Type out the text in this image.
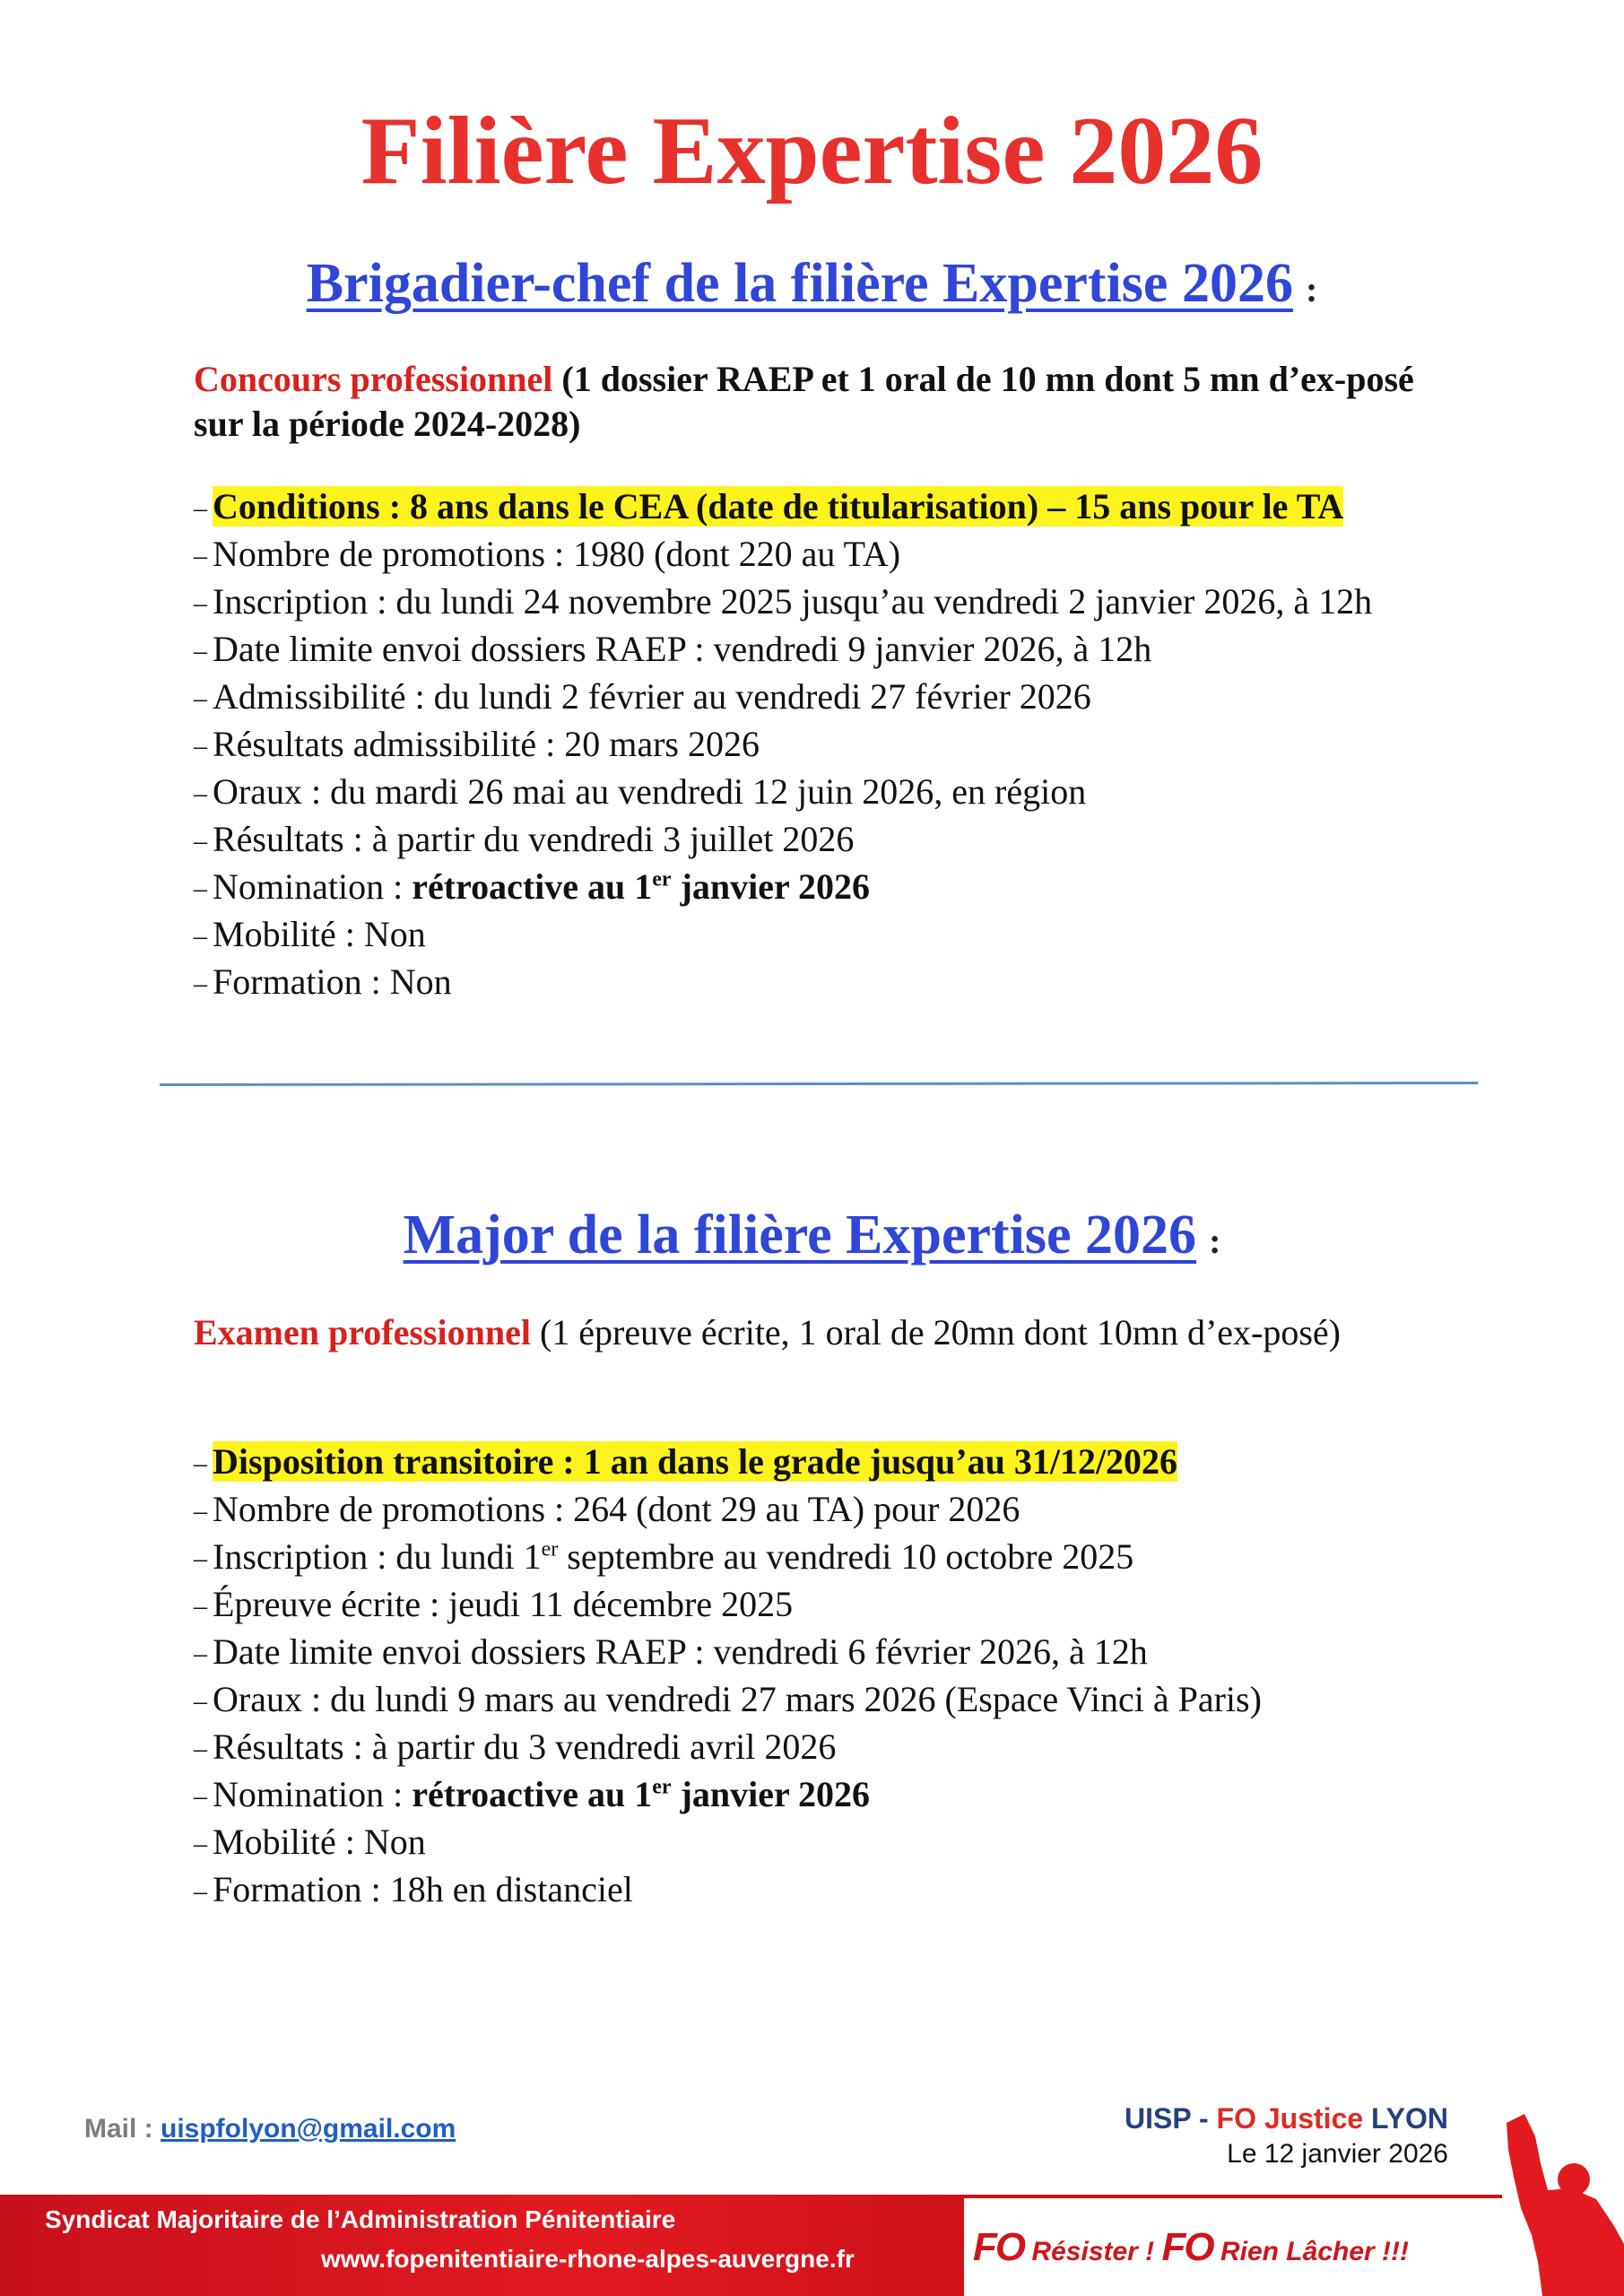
Filière Expertise 2026
Brigadier-chef de la filière Expertise 2026 :
Concours professionnel (1 dossier RAEP et 1 oral de 10 mn dont 5 mn d’ex-posé sur la période 2024-2028)
– Conditions : 8 ans dans le CEA (date de titularisation) – 15 ans pour le TA
– Nombre de promotions : 1980 (dont 220 au TA)
– Inscription : du lundi 24 novembre 2025 jusqu’au vendredi 2 janvier 2026, à 12h
– Date limite envoi dossiers RAEP : vendredi 9 janvier 2026, à 12h
– Admissibilité : du lundi 2 février au vendredi 27 février 2026
– Résultats admissibilité : 20 mars 2026
– Oraux : du mardi 26 mai au vendredi 12 juin 2026, en région
– Résultats : à partir du vendredi 3 juillet 2026
– Nomination : rétroactive au 1er janvier 2026
– Mobilité : Non
– Formation : Non
Major de la filière Expertise 2026 :
Examen professionnel (1 épreuve écrite, 1 oral de 20mn dont 10mn d’ex-posé)
– Disposition transitoire : 1 an dans le grade jusqu’au 31/12/2026
– Nombre de promotions : 264 (dont 29 au TA) pour 2026
– Inscription : du lundi 1er septembre au vendredi 10 octobre 2025
– Épreuve écrite : jeudi 11 décembre 2025
– Date limite envoi dossiers RAEP : vendredi 6 février 2026, à 12h
– Oraux : du lundi 9 mars au vendredi 27 mars 2026 (Espace Vinci à Paris)
– Résultats : à partir du 3 vendredi avril 2026
– Nomination : rétroactive au 1er janvier 2026
– Mobilité : Non
– Formation : 18h en distanciel
Mail : uispfolyon@gmail.com	UISP - FO Justice LYON
Le 12 janvier 2026
Syndicat Majoritaire de l’Administration Pénitentiaire
www.fopenitentiaire-rhone-alpes-auvergne.fr	FO Résister ! FO Rien Lâcher !!!
